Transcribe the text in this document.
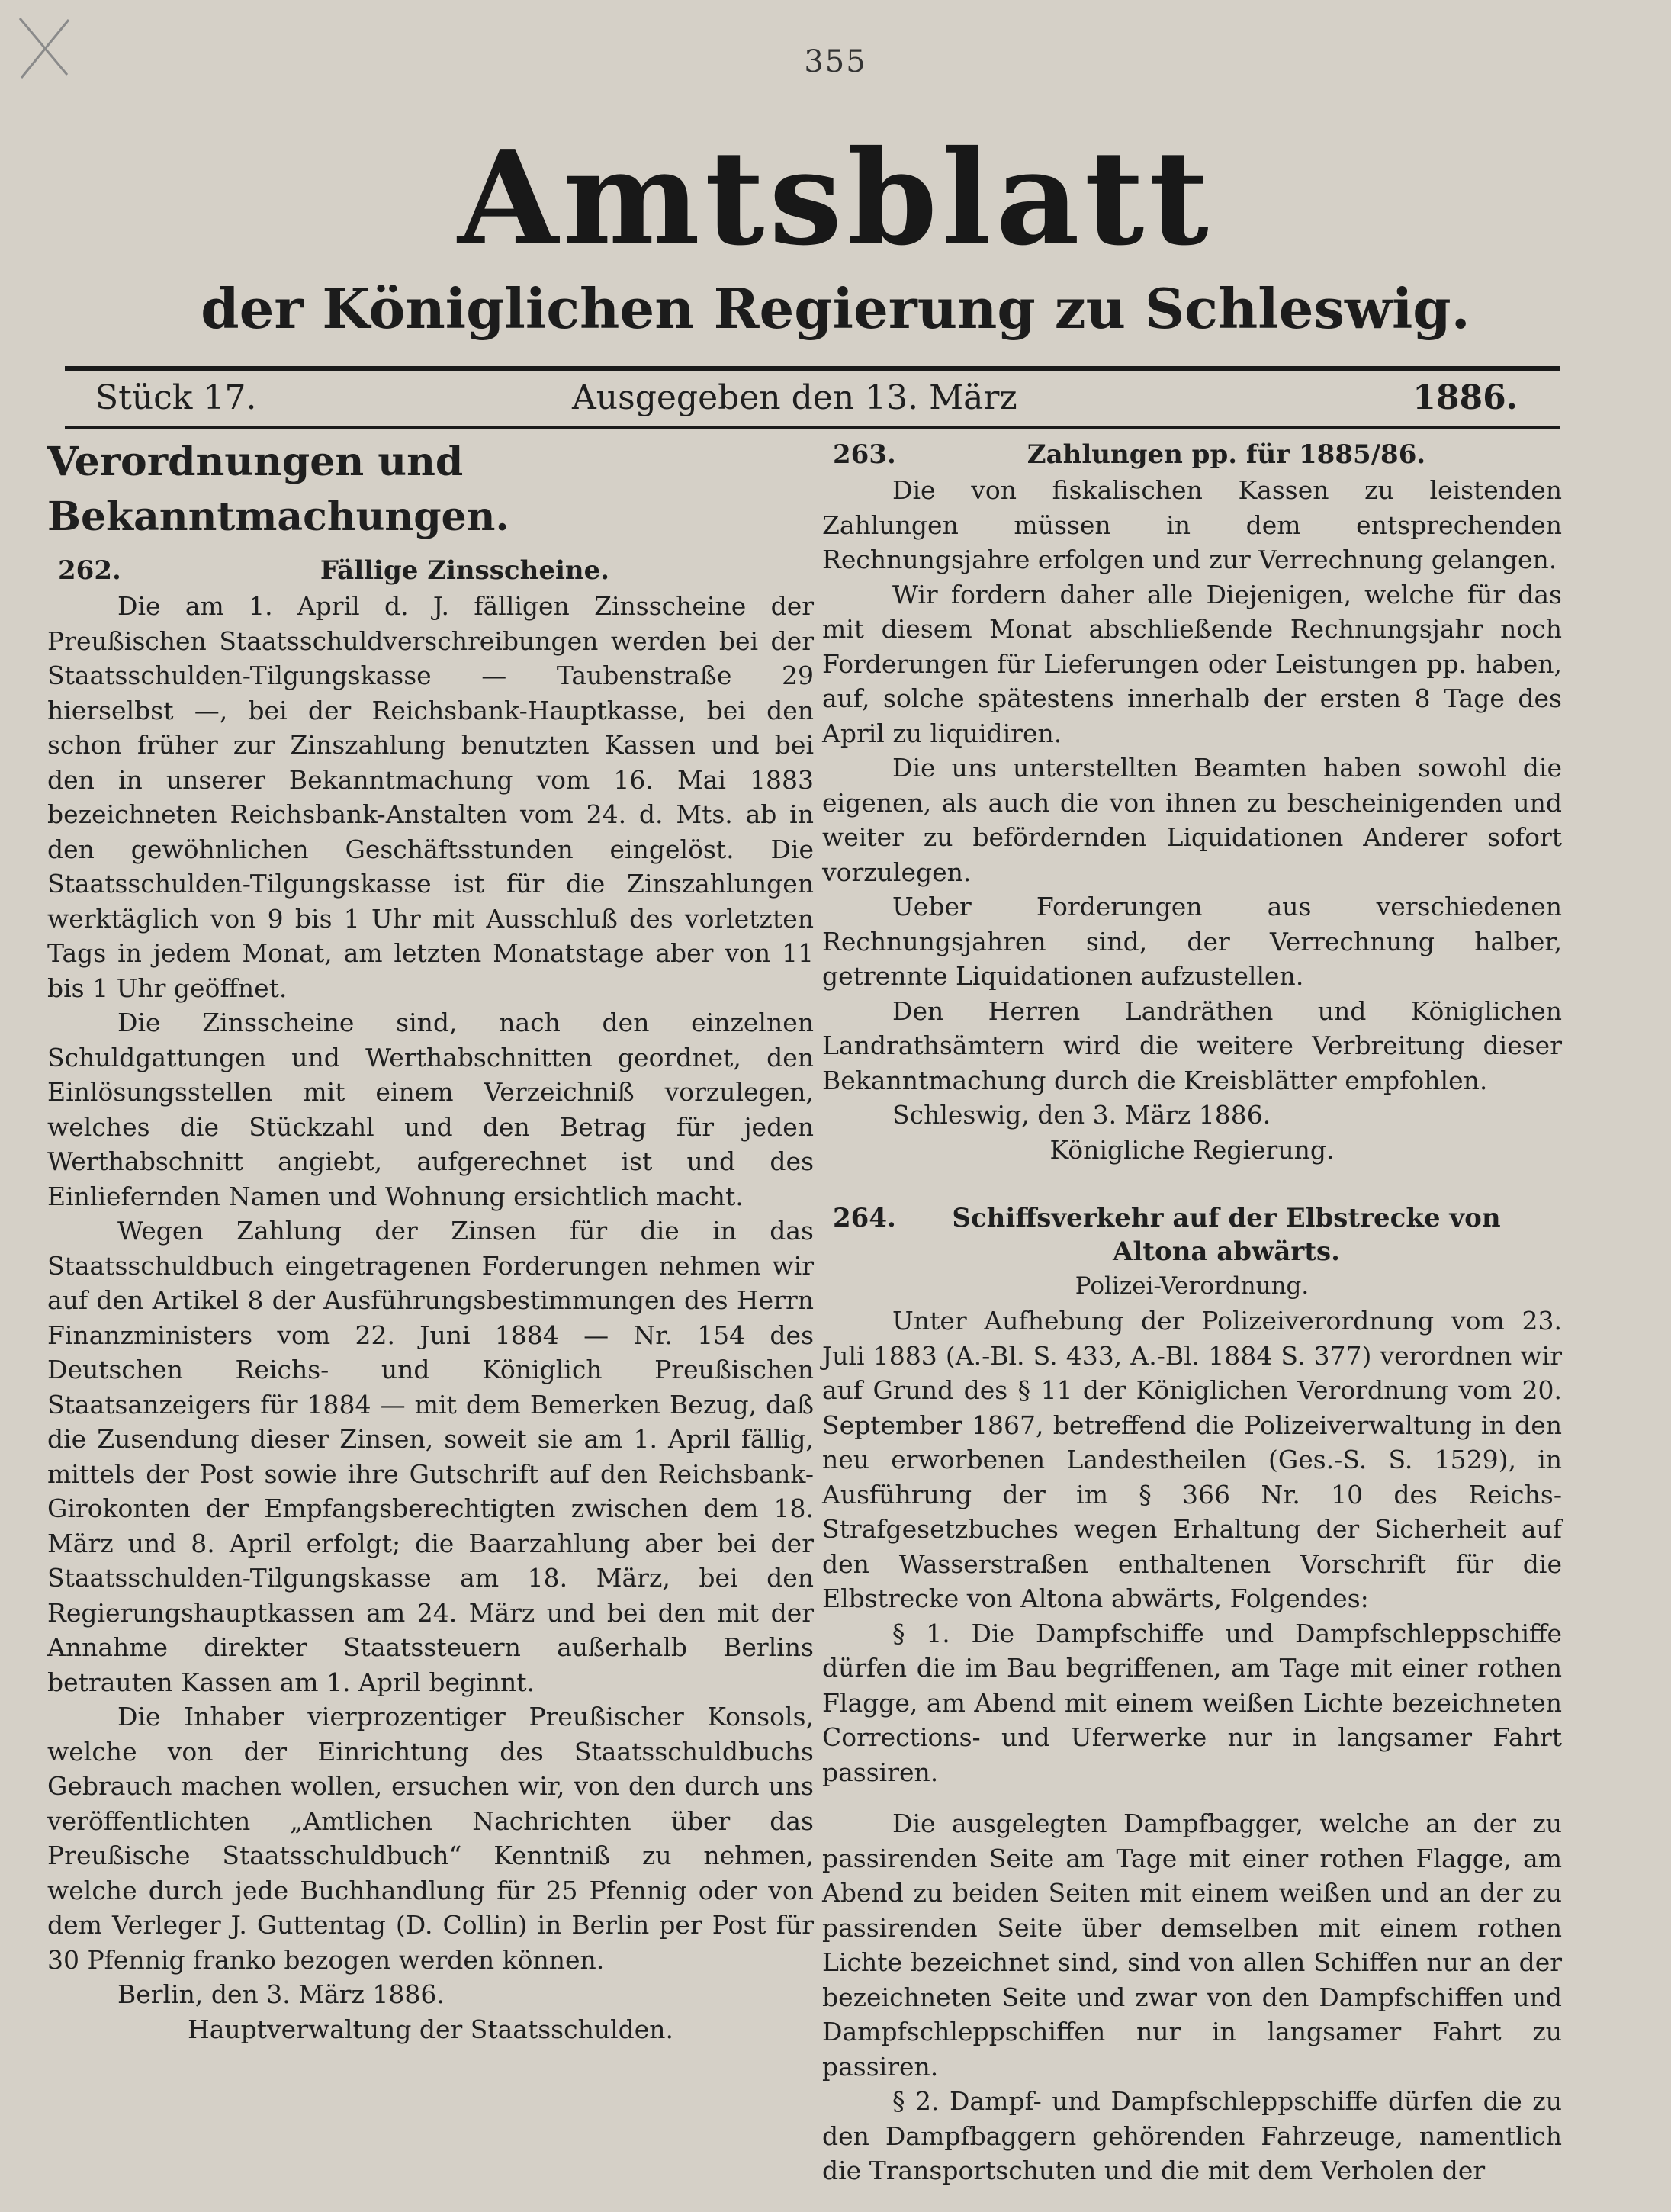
355
Amtsblatt
der Königlichen Regierung zu Schleswig.
Stück 17.	Ausgegeben den 13. März	1886.
Verordnungen und Bekanntmachungen.
262.	Fällige Zinsscheine.

Die am 1. April d. J. fälligen Zinsscheine der Preußischen Staatsschuldverschreibungen werden bei der Staatsschulden-Tilgungskasse — Taubenstraße 29 hierselbst —, bei der Reichsbank-Hauptkasse, bei den schon früher zur Zinszahlung benutzten Kassen und bei den in unserer Bekanntmachung vom 16. Mai 1883 bezeichneten Reichsbank-Anstalten vom 24. d. Mts. ab in den gewöhnlichen Geschäftsstunden eingelöst. Die Staatsschulden-Tilgungskasse ist für die Zinszahlungen werktäglich von 9 bis 1 Uhr mit Ausschluß des vorletzten Tags in jedem Monat, am letzten Monatstage aber von 11 bis 1 Uhr geöffnet.

Die Zinsscheine sind, nach den einzelnen Schuldgattungen und Werthabschnitten geordnet, den Einlösungsstellen mit einem Verzeichniß vorzulegen, welches die Stückzahl und den Betrag für jeden Werthabschnitt angiebt, aufgerechnet ist und des Einliefernden Namen und Wohnung ersichtlich macht.

Wegen Zahlung der Zinsen für die in das Staatsschuldbuch eingetragenen Forderungen nehmen wir auf den Artikel 8 der Ausführungsbestimmungen des Herrn Finanzministers vom 22. Juni 1884 — Nr. 154 des Deutschen Reichs- und Königlich Preußischen Staatsanzeigers für 1884 — mit dem Bemerken Bezug, daß die Zusendung dieser Zinsen, soweit sie am 1. April fällig, mittels der Post sowie ihre Gutschrift auf den Reichsbank-Girokonten der Empfangsberechtigten zwischen dem 18. März und 8. April erfolgt; die Baarzahlung aber bei der Staatsschulden-Tilgungskasse am 18. März, bei den Regierungshauptkassen am 24. März und bei den mit der Annahme direkter Staatssteuern außerhalb Berlins betrauten Kassen am 1. April beginnt.

Die Inhaber vierprozentiger Preußischer Konsols, welche von der Einrichtung des Staatsschuldbuchs Gebrauch machen wollen, ersuchen wir, von den durch uns veröffentlichten „Amtlichen Nachrichten über das Preußische Staatsschuldbuch“ Kenntniß zu nehmen, welche durch jede Buchhandlung für 25 Pfennig oder von dem Verleger J. Guttentag (D. Collin) in Berlin per Post für 30 Pfennig franko bezogen werden können.

Berlin, den 3. März 1886.
Hauptverwaltung der Staatsschulden.
263.	Zahlungen pp. für 1885/86.

Die von fiskalischen Kassen zu leistenden Zahlungen müssen in dem entsprechenden Rechnungsjahre erfolgen und zur Verrechnung gelangen.

Wir fordern daher alle Diejenigen, welche für das mit diesem Monat abschließende Rechnungsjahr noch Forderungen für Lieferungen oder Leistungen pp. haben, auf, solche spätestens innerhalb der ersten 8 Tage des April zu liquidiren.

Die uns unterstellten Beamten haben sowohl die eigenen, als auch die von ihnen zu bescheinigenden und weiter zu befördernden Liquidationen Anderer sofort vorzulegen.

Ueber Forderungen aus verschiedenen Rechnungsjahren sind, der Verrechnung halber, getrennte Liquidationen aufzustellen.

Den Herren Landräthen und Königlichen Landrathsämtern wird die weitere Verbreitung dieser Bekanntmachung durch die Kreisblätter empfohlen.

Schleswig, den 3. März 1886.
Königliche Regierung.
264.	Schiffsverkehr auf der Elbstrecke von
Altona abwärts.
Polizei-Verordnung.

Unter Aufhebung der Polizeiverordnung vom 23. Juli 1883 (A.-Bl. S. 433, A.-Bl. 1884 S. 377) verordnen wir auf Grund des § 11 der Königlichen Verordnung vom 20. September 1867, betreffend die Polizeiverwaltung in den neu erworbenen Landestheilen (Ges.-S. S. 1529), in Ausführung der im § 366 Nr. 10 des Reichs-Strafgesetzbuches wegen Erhaltung der Sicherheit auf den Wasserstraßen enthaltenen Vorschrift für die Elbstrecke von Altona abwärts, Folgendes:

§ 1. Die Dampfschiffe und Dampfschleppschiffe dürfen die im Bau begriffenen, am Tage mit einer rothen Flagge, am Abend mit einem weißen Lichte bezeichneten Corrections- und Uferwerke nur in langsamer Fahrt passiren.

Die ausgelegten Dampfbagger, welche an der zu passirenden Seite am Tage mit einer rothen Flagge, am Abend zu beiden Seiten mit einem weißen und an der zu passirenden Seite über demselben mit einem rothen Lichte bezeichnet sind, sind von allen Schiffen nur an der bezeichneten Seite und zwar von den Dampfschiffen und Dampfschleppschiffen nur in langsamer Fahrt zu passiren.

§ 2. Dampf- und Dampfschleppschiffe dürfen die zu den Dampfbaggern gehörenden Fahrzeuge, namentlich die Transportschuten und die mit dem Verholen der
